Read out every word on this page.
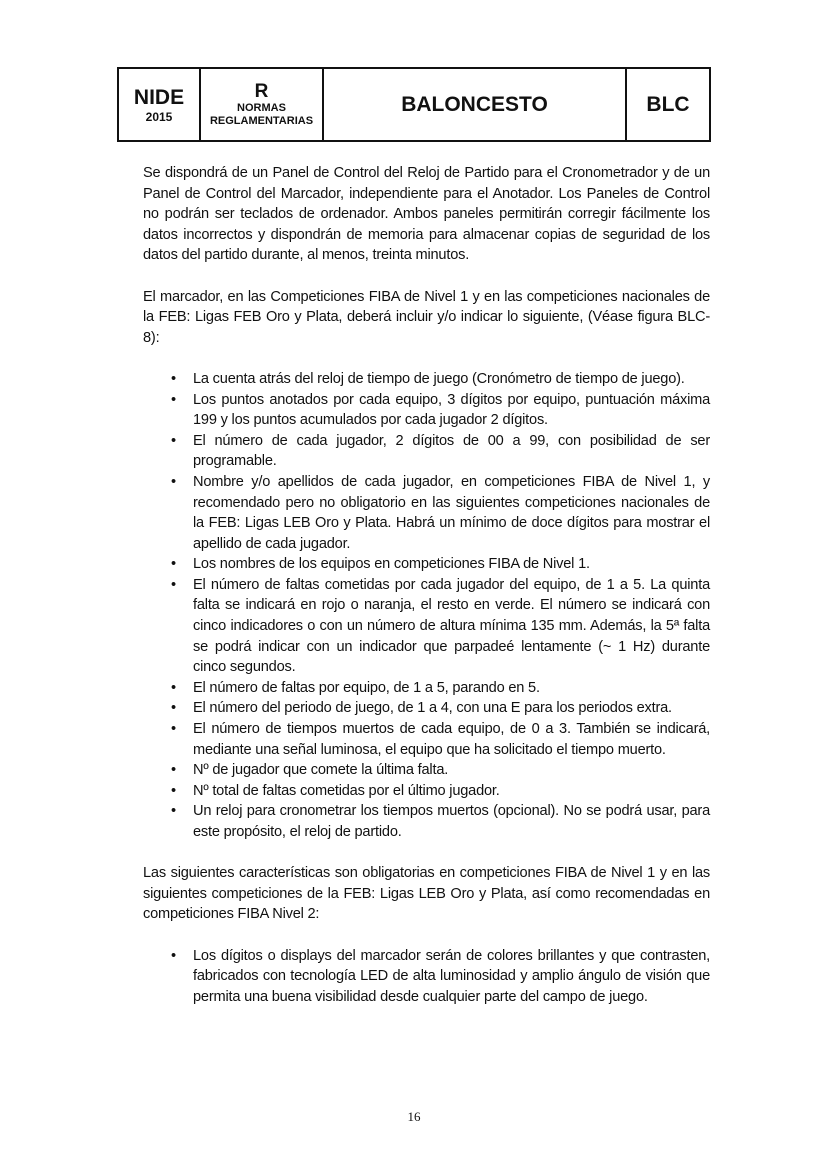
NIDE
2015
R
NORMAS
REGLAMENTARIAS
BALONCESTO	BLC

Se dispondrá de un Panel de Control del Reloj de Partido para el Cronometrador y de un Panel de Control del Marcador, independiente para el Anotador. Los Paneles de Control no podrán ser teclados de ordenador. Ambos paneles permitirán corregir fácilmente los datos incorrectos y dispondrán de memoria para almacenar copias de seguridad de los datos del partido durante, al menos, treinta minutos.

El marcador, en las Competiciones FIBA de Nivel 1 y en las competiciones nacionales de la FEB: Ligas FEB Oro y Plata, deberá incluir y/o indicar lo siguiente, (Véase figura BLC-8):

• La cuenta atrás del reloj de tiempo de juego (Cronómetro de tiempo de juego).
• Los puntos anotados por cada equipo, 3 dígitos por equipo, puntuación máxima 199 y los puntos acumulados por cada jugador 2 dígitos.
• El número de cada jugador, 2 dígitos de 00 a 99, con posibilidad de ser programable.
• Nombre y/o apellidos de cada jugador, en competiciones FIBA de Nivel 1, y recomendado pero no obligatorio en las siguientes competiciones nacionales de la FEB: Ligas LEB Oro y Plata. Habrá un mínimo de doce dígitos para mostrar el apellido de cada jugador.
• Los nombres de los equipos en competiciones FIBA de Nivel 1.
• El número de faltas cometidas por cada jugador del equipo, de 1 a 5. La quinta falta se indicará en rojo o naranja, el resto en verde. El número se indicará con cinco indicadores o con un número de altura mínima 135 mm. Además, la 5ª falta se podrá indicar con un indicador que parpadeé lentamente (~ 1 Hz) durante cinco segundos.
• El número de faltas por equipo, de 1 a 5, parando en 5.
• El número del periodo de juego, de 1 a 4, con una E para los periodos extra.
• El número de tiempos muertos de cada equipo, de 0 a 3. También se indicará, mediante una señal luminosa, el equipo que ha solicitado el tiempo muerto.
• Nº de jugador que comete la última falta.
• Nº total de faltas cometidas por el último jugador.
• Un reloj para cronometrar los tiempos muertos (opcional). No se podrá usar, para este propósito, el reloj de partido.

Las siguientes características son obligatorias en competiciones FIBA de Nivel 1 y en las siguientes competiciones de la FEB: Ligas LEB Oro y Plata, así como recomendadas en competiciones FIBA Nivel 2:

• Los dígitos o displays del marcador serán de colores brillantes y que contrasten, fabricados con tecnología LED de alta luminosidad y amplio ángulo de visión que permita una buena visibilidad desde cualquier parte del campo de juego.
16
